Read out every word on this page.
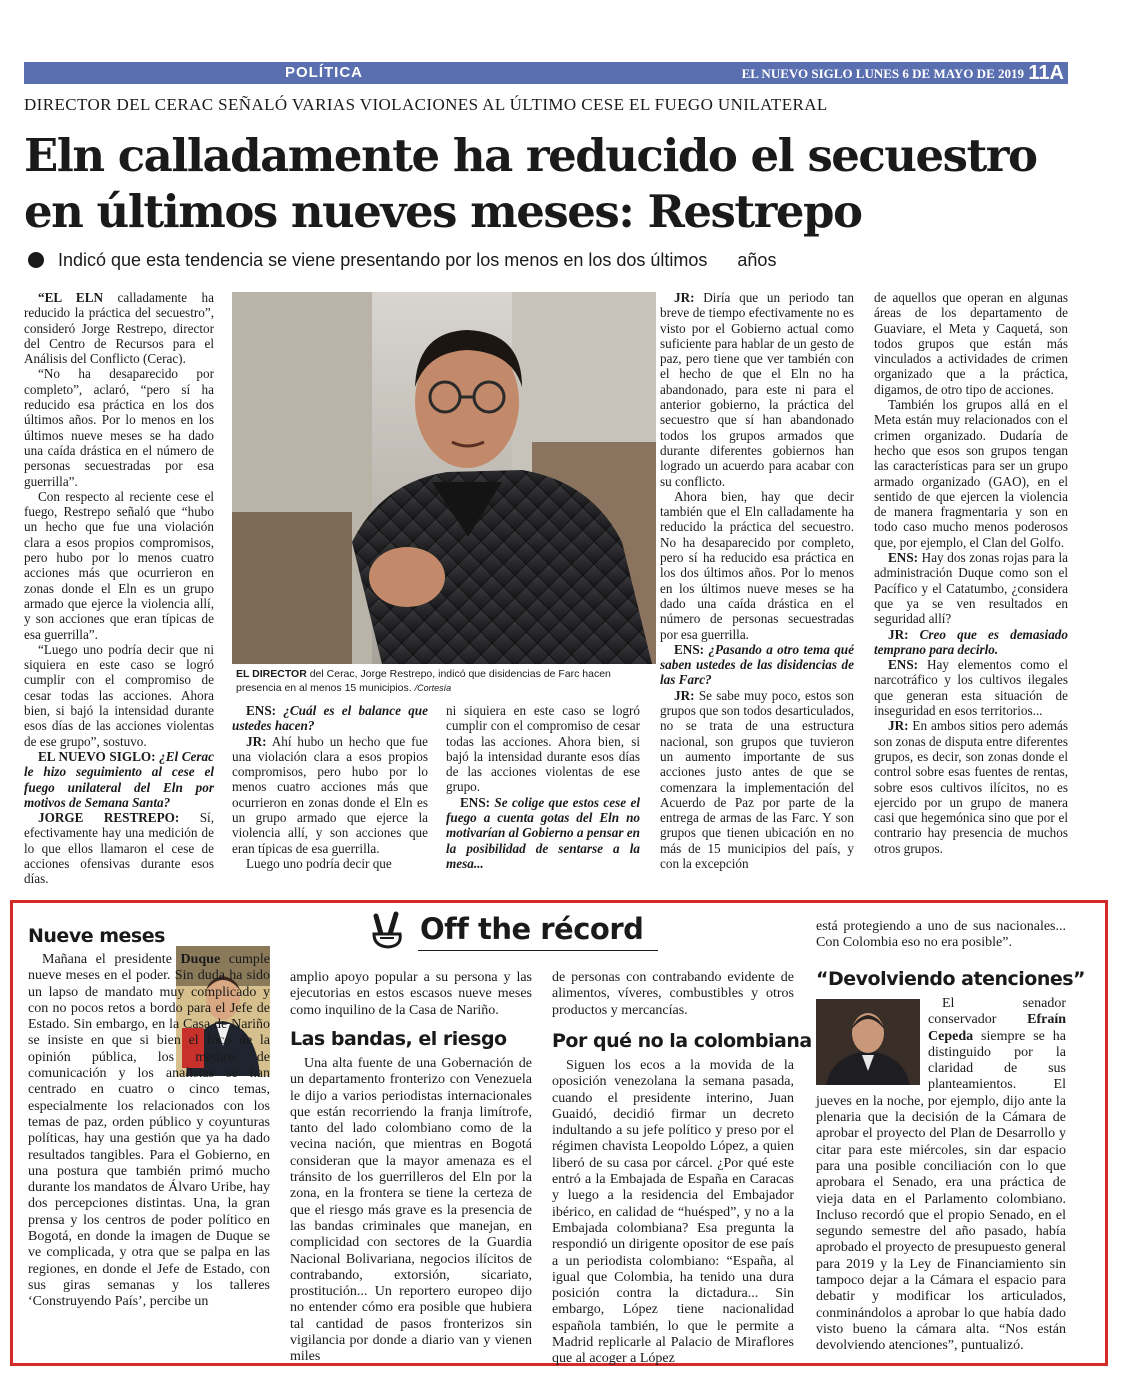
POLÍTICA	EL NUEVO SIGLO LUNES 6 DE MAYO DE 2019 11A
DIRECTOR DEL CERAC SEÑALÓ VARIAS VIOLACIONES AL ÚLTIMO CESE EL FUEGO UNILATERAL
Eln calladamente ha reducido el secuestro en últimos nueves meses: Restrepo
Indicó que esta tendencia se viene presentando por los menos en los dos últimos      años

“EL ELN calladamente ha reducido la práctica del secuestro”, consideró Jorge Restrepo, director del Centro de Recursos para el Análisis del Conflicto (Cerac).

“No ha desaparecido por completo”, aclaró, “pero sí ha reducido esa práctica en los dos últimos años. Por lo menos en los últimos nueve meses se ha dado una caída drástica en el número de personas secuestradas por esa guerrilla”.

Con respecto al reciente cese el fuego, Restrepo señaló que “hubo un hecho que fue una violación clara a esos propios compromisos, pero hubo por lo menos cuatro acciones más que ocurrieron en zonas donde el Eln es un grupo armado que ejerce la violencia allí, y son acciones que eran típicas de esa guerrilla”.

“Luego uno podría decir que ni siquiera en este caso se logró cumplir con el compromiso de cesar todas las acciones. Ahora bien, si bajó la intensidad durante esos días de las acciones violentas de ese grupo”, sostuvo.

EL NUEVO SIGLO: ¿El Cerac le hizo seguimiento al cese el fuego unilateral del Eln por motivos de Semana Santa?

JORGE RESTREPO: Sí, efectivamente hay una medición de lo que ellos llamaron el cese de acciones ofensivas durante esos días.

EL DIRECTOR del Cerac, Jorge Restrepo, indicó que disidencias de Farc hacen presencia en al menos 15 municipios. /Cortesía

ENS: ¿Cuál es el balance que ustedes hacen?

JR: Ahí hubo un hecho que fue una violación clara a esos propios compromisos, pero hubo por lo menos cuatro acciones más que ocurrieron en zonas donde el Eln es un grupo armado que ejerce la violencia allí, y son acciones que eran típicas de esa guerrilla.

Luego uno podría decir que

ni siquiera en este caso se logró cumplir con el compromiso de cesar todas las acciones. Ahora bien, si bajó la intensidad durante esos días de las acciones violentas de ese grupo.

ENS: Se colige que estos cese el fuego a cuenta gotas del Eln no motivarían al Gobierno a pensar en la posibilidad de sentarse a la mesa...

JR: Diría que un periodo tan breve de tiempo efectivamente no es visto por el Gobierno actual como suficiente para hablar de un gesto de paz, pero tiene que ver también con el hecho de que el Eln no ha abandonado, para este ni para el anterior gobierno, la práctica del secuestro que sí han abandonado todos los grupos armados que durante diferentes gobiernos han logrado un acuerdo para acabar con su conflicto.

Ahora bien, hay que decir también que el Eln calladamente ha reducido la práctica del secuestro. No ha desaparecido por completo, pero sí ha reducido esa práctica en los dos últimos años. Por lo menos en los últimos nueve meses se ha dado una caída drástica en el número de personas secuestradas por esa guerrilla.

ENS: ¿Pasando a otro tema qué saben ustedes de las disidencias de las Farc?

JR: Se sabe muy poco, estos son grupos que son todos desarticulados, no se trata de una estructura nacional, son grupos que tuvieron un aumento importante de sus acciones justo antes de que se comenzara la implementación del Acuerdo de Paz por parte de la entrega de armas de las Farc. Y son grupos que tienen ubicación en no más de 15 municipios del país, y con la excepción

de aquellos que operan en algunas áreas de los departamento de Guaviare, el Meta y Caquetá, son todos grupos que están más vinculados a actividades de crimen organizado que a la práctica, digamos, de otro tipo de acciones.

También los grupos allá en el Meta están muy relacionados con el crimen organizado. Dudaría de hecho que esos son grupos tengan las características para ser un grupo armado organizado (GAO), en el sentido de que ejercen la violencia de manera fragmentaria y son en todo caso mucho menos poderosos que, por ejemplo, el Clan del Golfo.

ENS: Hay dos zonas rojas para la administración Duque como son el Pacífico y el Catatumbo, ¿considera que ya se ven resultados en seguridad allí?

JR: Creo que es demasiado temprano para decirlo.

ENS: Hay elementos como el narcotráfico y los cultivos ilegales que generan esta situación de inseguridad en esos territorios...

JR: En ambos sitios pero además son zonas de disputa entre diferentes grupos, es decir, son zonas donde el control sobre esas fuentes de rentas, sobre esos cultivos ilícitos, no es ejercido por un grupo de manera casi que hegemónica sino que por el contrario hay presencia de muchos otros grupos.

Off the récord
Nueve meses

Mañana el presidente Duque cumple nueve meses en el poder. Sin duda ha sido un lapso de mandato muy complicado y con no pocos retos a bordo para el Jefe de Estado. Sin embargo, en la Casa de Nariño se insiste en que si bien el foco de la opinión pública, los medios de comunicación y los analistas se han centrado en cuatro o cinco temas, especialmente los relacionados con los temas de paz, orden público y coyunturas políticas, hay una gestión que ya ha dado resultados tangibles. Para el Gobierno, en una postura que también primó mucho durante los mandatos de Álvaro Uribe, hay dos percepciones distintas. Una, la gran prensa y los centros de poder político en Bogotá, en donde la imagen de Duque se ve complicada, y otra que se palpa en las regiones, en donde el Jefe de Estado, con sus giras semanas y los talleres ‘Construyendo País’, percibe un

amplio apoyo popular a su persona y las ejecutorias en estos escasos nueve meses como inquilino de la Casa de Nariño.

Las bandas, el riesgo

Una alta fuente de una Gobernación de un departamento fronterizo con Venezuela le dijo a varios periodistas internacionales que están recorriendo la franja limítrofe, tanto del lado colombiano como de la vecina nación, que mientras en Bogotá consideran que la mayor amenaza es el tránsito de los guerrilleros del Eln por la zona, en la frontera se tiene la certeza de que el riesgo más grave es la presencia de las bandas criminales que manejan, en complicidad con sectores de la Guardia Nacional Bolivariana, negocios ilícitos de contrabando, extorsión, sicariato, prostitución... Un reportero europeo dijo no entender cómo era posible que hubiera tal cantidad de pasos fronterizos sin vigilancia por donde a diario van y vienen miles

de personas con contrabando evidente de alimentos, víveres, combustibles y otros productos y mercancías.

Por qué no la colombiana

Siguen los ecos a la movida de la oposición venezolana la semana pasada, cuando el presidente interino, Juan Guaidó, decidió firmar un decreto indultando a su jefe político y preso por el régimen chavista Leopoldo López, a quien liberó de su casa por cárcel. ¿Por qué este entró a la Embajada de España en Caracas y luego a la residencia del Embajador ibérico, en calidad de “huésped”, y no a la Embajada colombiana? Esa pregunta la respondió un dirigente opositor de ese país a un periodista colombiano: “España, al igual que Colombia, ha tenido una dura posición contra la dictadura... Sin embargo, López tiene nacionalidad española también, lo que le permite a Madrid replicarle al Palacio de Miraflores que al acoger a López

está protegiendo a uno de sus nacionales... Con Colombia eso no era posible”.

“Devolviendo atenciones”

El senador conservador Efraín Cepeda siempre se ha distinguido por la claridad de sus planteamientos. El jueves en la noche, por ejemplo, dijo ante la plenaria que la decisión de la Cámara de aprobar el proyecto del Plan de Desarrollo y citar para este miércoles, sin dar espacio para una posible conciliación con lo que aprobara el Senado, era una práctica de vieja data en el Parlamento colombiano. Incluso recordó que el propio Senado, en el segundo semestre del año pasado, había aprobado el proyecto de presupuesto general para 2019 y la Ley de Financiamiento sin tampoco dejar a la Cámara el espacio para debatir y modificar los articulados, conminándolos a aprobar lo que había dado visto bueno la cámara alta. “Nos están devolviendo atenciones”, puntualizó.
